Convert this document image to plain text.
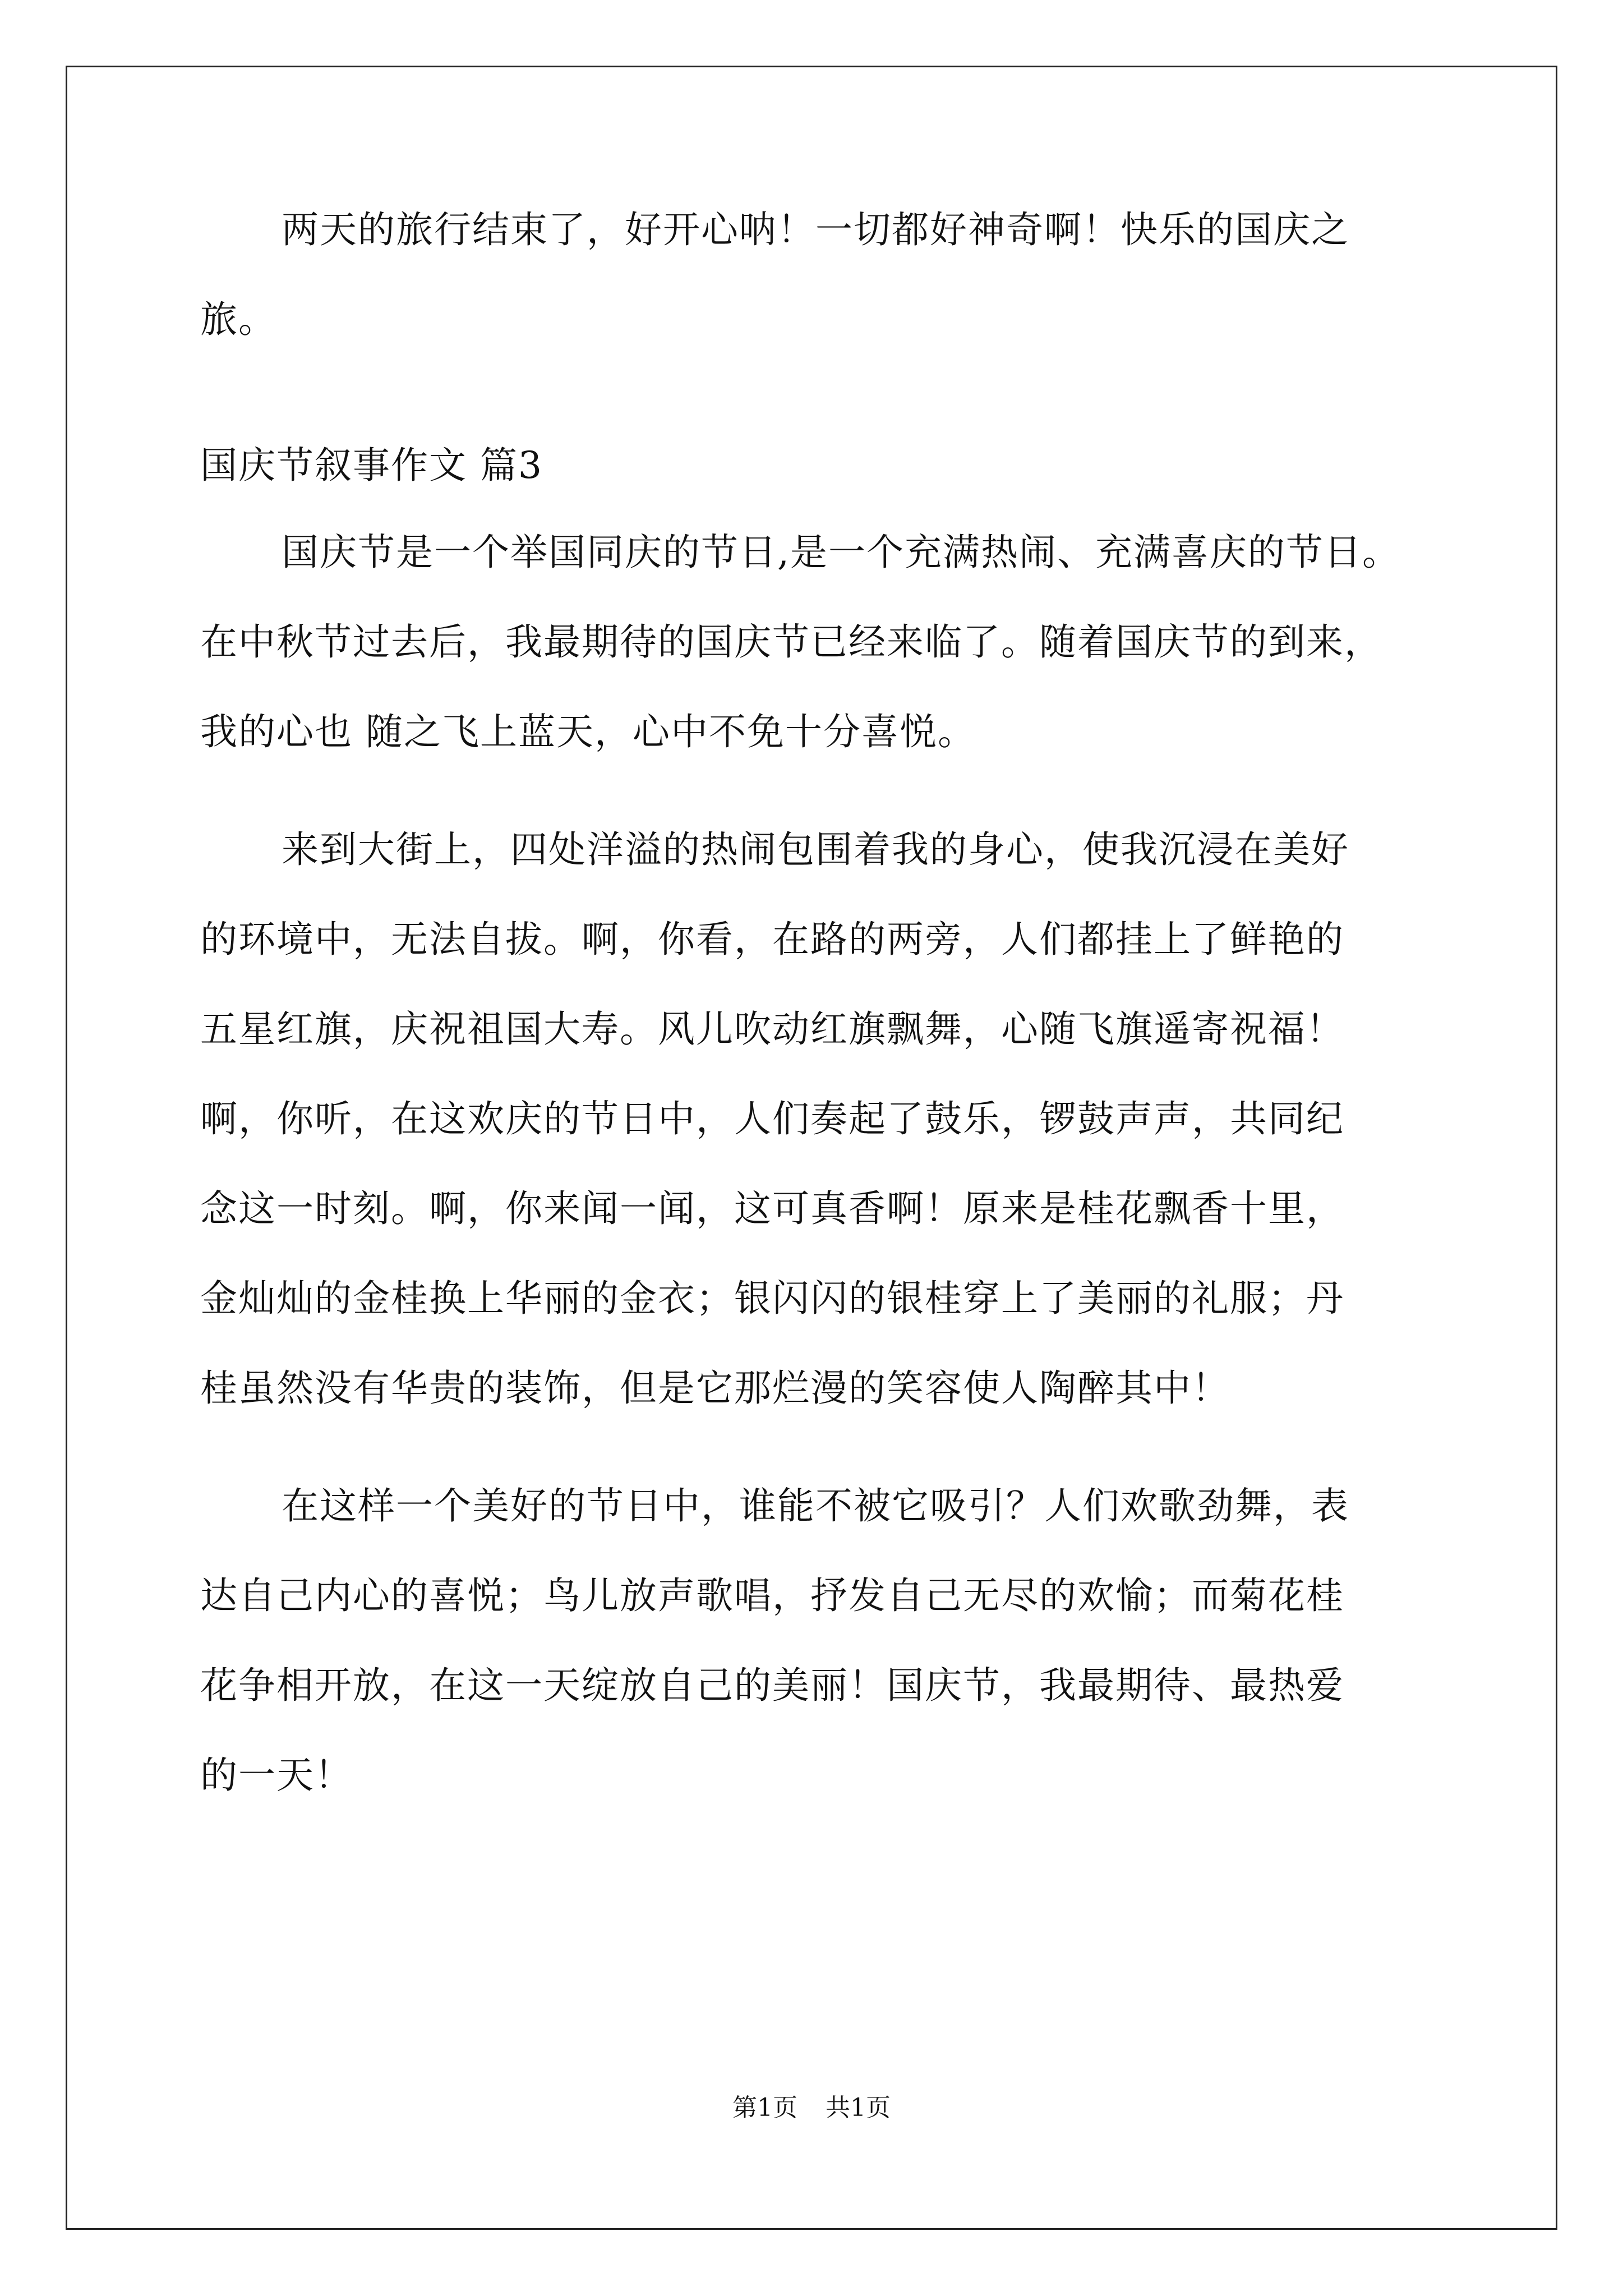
两天的旅行结束了，好开心呐！一切都好神奇啊！快乐的国庆之
旅。
国庆节叙事作文 篇3
国庆节是一个举国同庆的节日,是一个充满热闹、充满喜庆的节日。
在中秋节过去后，我最期待的国庆节已经来临了。随着国庆节的到来，
我的心也 随之飞上蓝天，心中不免十分喜悦。
来到大街上，四处洋溢的热闹包围着我的身心，使我沉浸在美好
的环境中，无法自拔。啊，你看，在路的两旁，人们都挂上了鲜艳的
五星红旗，庆祝祖国大寿。风儿吹动红旗飘舞，心随飞旗遥寄祝福！
啊，你听，在这欢庆的节日中，人们奏起了鼓乐，锣鼓声声，共同纪
念这一时刻。啊，你来闻一闻，这可真香啊！原来是桂花飘香十里，
金灿灿的金桂换上华丽的金衣；银闪闪的银桂穿上了美丽的礼服；丹
桂虽然没有华贵的装饰，但是它那烂漫的笑容使人陶醉其中！
在这样一个美好的节日中，谁能不被它吸引？人们欢歌劲舞，表
达自己内心的喜悦；鸟儿放声歌唱，抒发自己无尽的欢愉；而菊花桂
花争相开放，在这一天绽放自己的美丽！国庆节，我最期待、最热爱
的一天！
第1页 共1页
